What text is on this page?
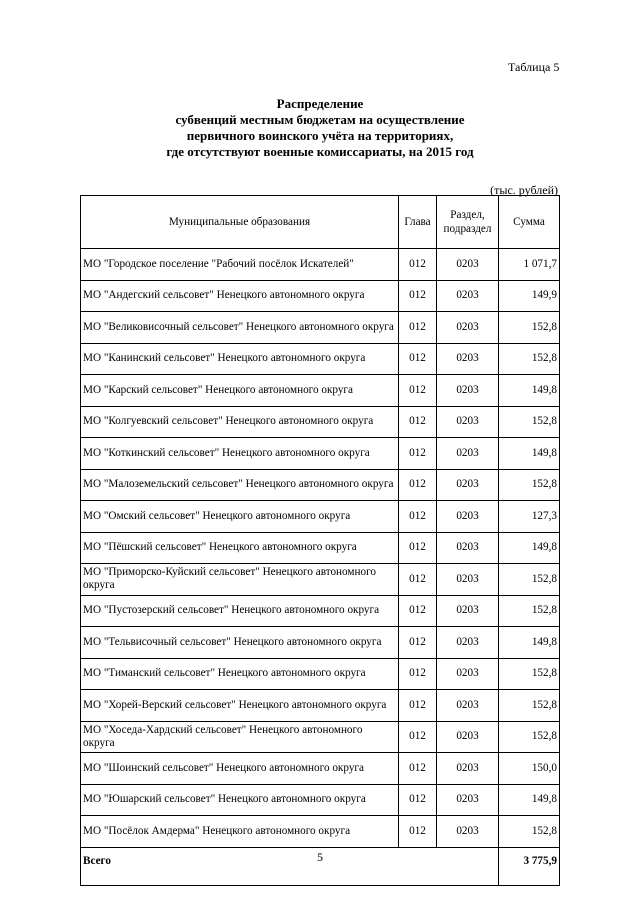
Таблица 5
Распределение
субвенций местным бюджетам на осуществление
первичного воинского учёта на территориях,
где отсутствуют военные комиссариаты, на 2015 год
(тыс. рублей)
Муниципальные образования	Глава	Раздел, подраздел	Сумма
МО "Городское поселение "Рабочий посёлок Искателей"	012	0203	1 071,7
МО "Андегский сельсовет" Ненецкого автономного округа	012	0203	149,9
МО "Великовисочный сельсовет" Ненецкого автономного округа	012	0203	152,8
МО "Канинский сельсовет" Ненецкого автономного округа	012	0203	152,8
МО "Карский сельсовет" Ненецкого автономного округа	012	0203	149,8
МО "Колгуевский сельсовет" Ненецкого автономного округа	012	0203	152,8
МО "Коткинский сельсовет" Ненецкого автономного округа	012	0203	149,8
МО "Малоземельский сельсовет" Ненецкого автономного округа	012	0203	152,8
МО "Омский сельсовет" Ненецкого автономного округа	012	0203	127,3
МО "Пёшский сельсовет" Ненецкого автономного округа	012	0203	149,8
МО "Приморско-Куйский сельсовет" Ненецкого автономного округа	012	0203	152,8
МО "Пустозерский сельсовет" Ненецкого автономного округа	012	0203	152,8
МО "Тельвисочный сельсовет" Ненецкого автономного округа	012	0203	149,8
МО "Тиманский сельсовет" Ненецкого автономного округа	012	0203	152,8
МО "Хорей-Верский сельсовет" Ненецкого автономного округа	012	0203	152,8
МО "Хоседа-Хардский сельсовет" Ненецкого автономного округа	012	0203	152,8
МО "Шоинский сельсовет" Ненецкого автономного округа	012	0203	150,0
МО "Юшарский сельсовет" Ненецкого автономного округа	012	0203	149,8
МО "Посёлок Амдерма" Ненецкого автономного округа	012	0203	152,8
Всего			3 775,9
5
